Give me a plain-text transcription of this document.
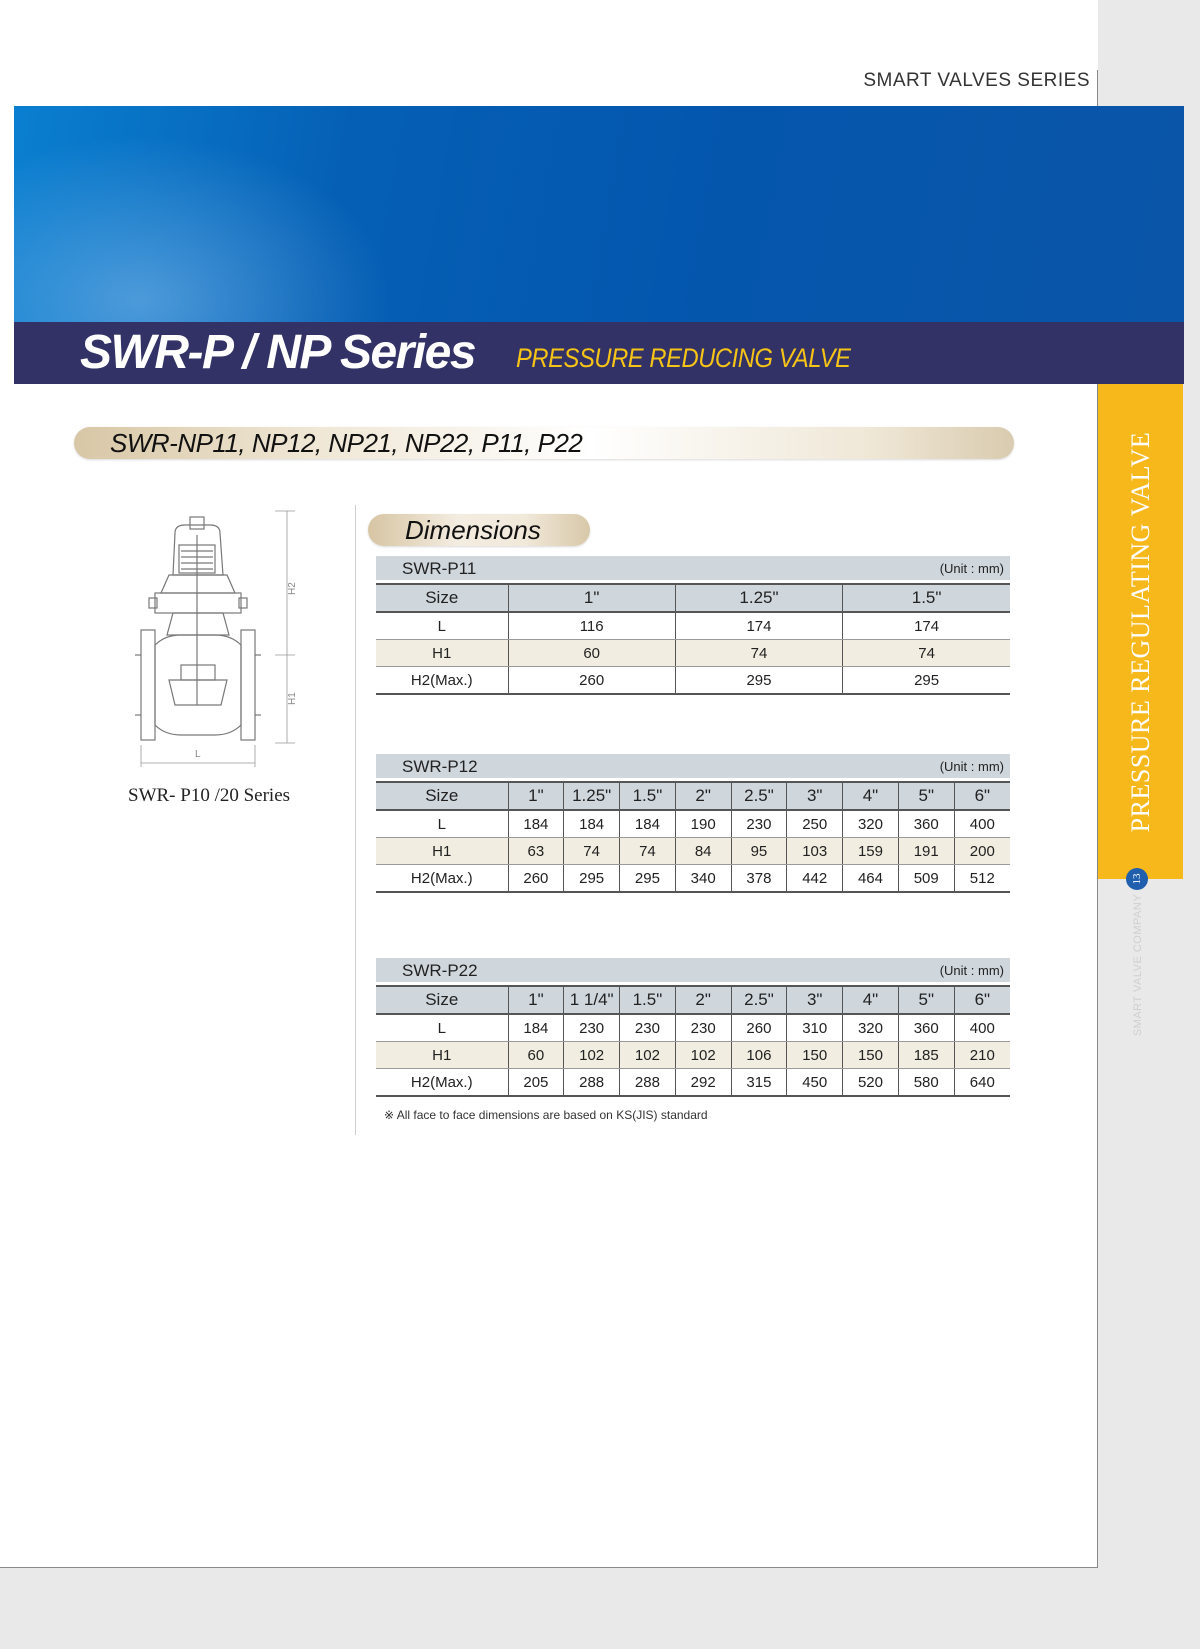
SMART VALVES SERIES
SWR-P / NP Series PRESSURE REDUCING VALVE
PRESSURE REGULATING VALVE
13
SMART VALVE COMPANY
SWR-NP11, NP12, NP21, NP22, P11, P22
Dimensions
H2
H1
L
SWR- P10 /20 Series
SWR-P11	(Unit : mm)
Size	1"	1.25"	1.5"
L	116	174	174
H1	60	74	74
H2(Max.)	260	295	295
SWR-P12	(Unit : mm)
Size	1"	1.25"	1.5"	2"	2.5"	3"	4"	5"	6"
L	184	184	184	190	230	250	320	360	400
H1	63	74	74	84	95	103	159	191	200
H2(Max.)	260	295	295	340	378	442	464	509	512
SWR-P22	(Unit : mm)
Size	1"	1 1/4"	1.5"	2"	2.5"	3"	4"	5"	6"
L	184	230	230	230	260	310	320	360	400
H1	60	102	102	102	106	150	150	185	210
H2(Max.)	205	288	288	292	315	450	520	580	640
※ All face to face dimensions are based on KS(JIS) standard
